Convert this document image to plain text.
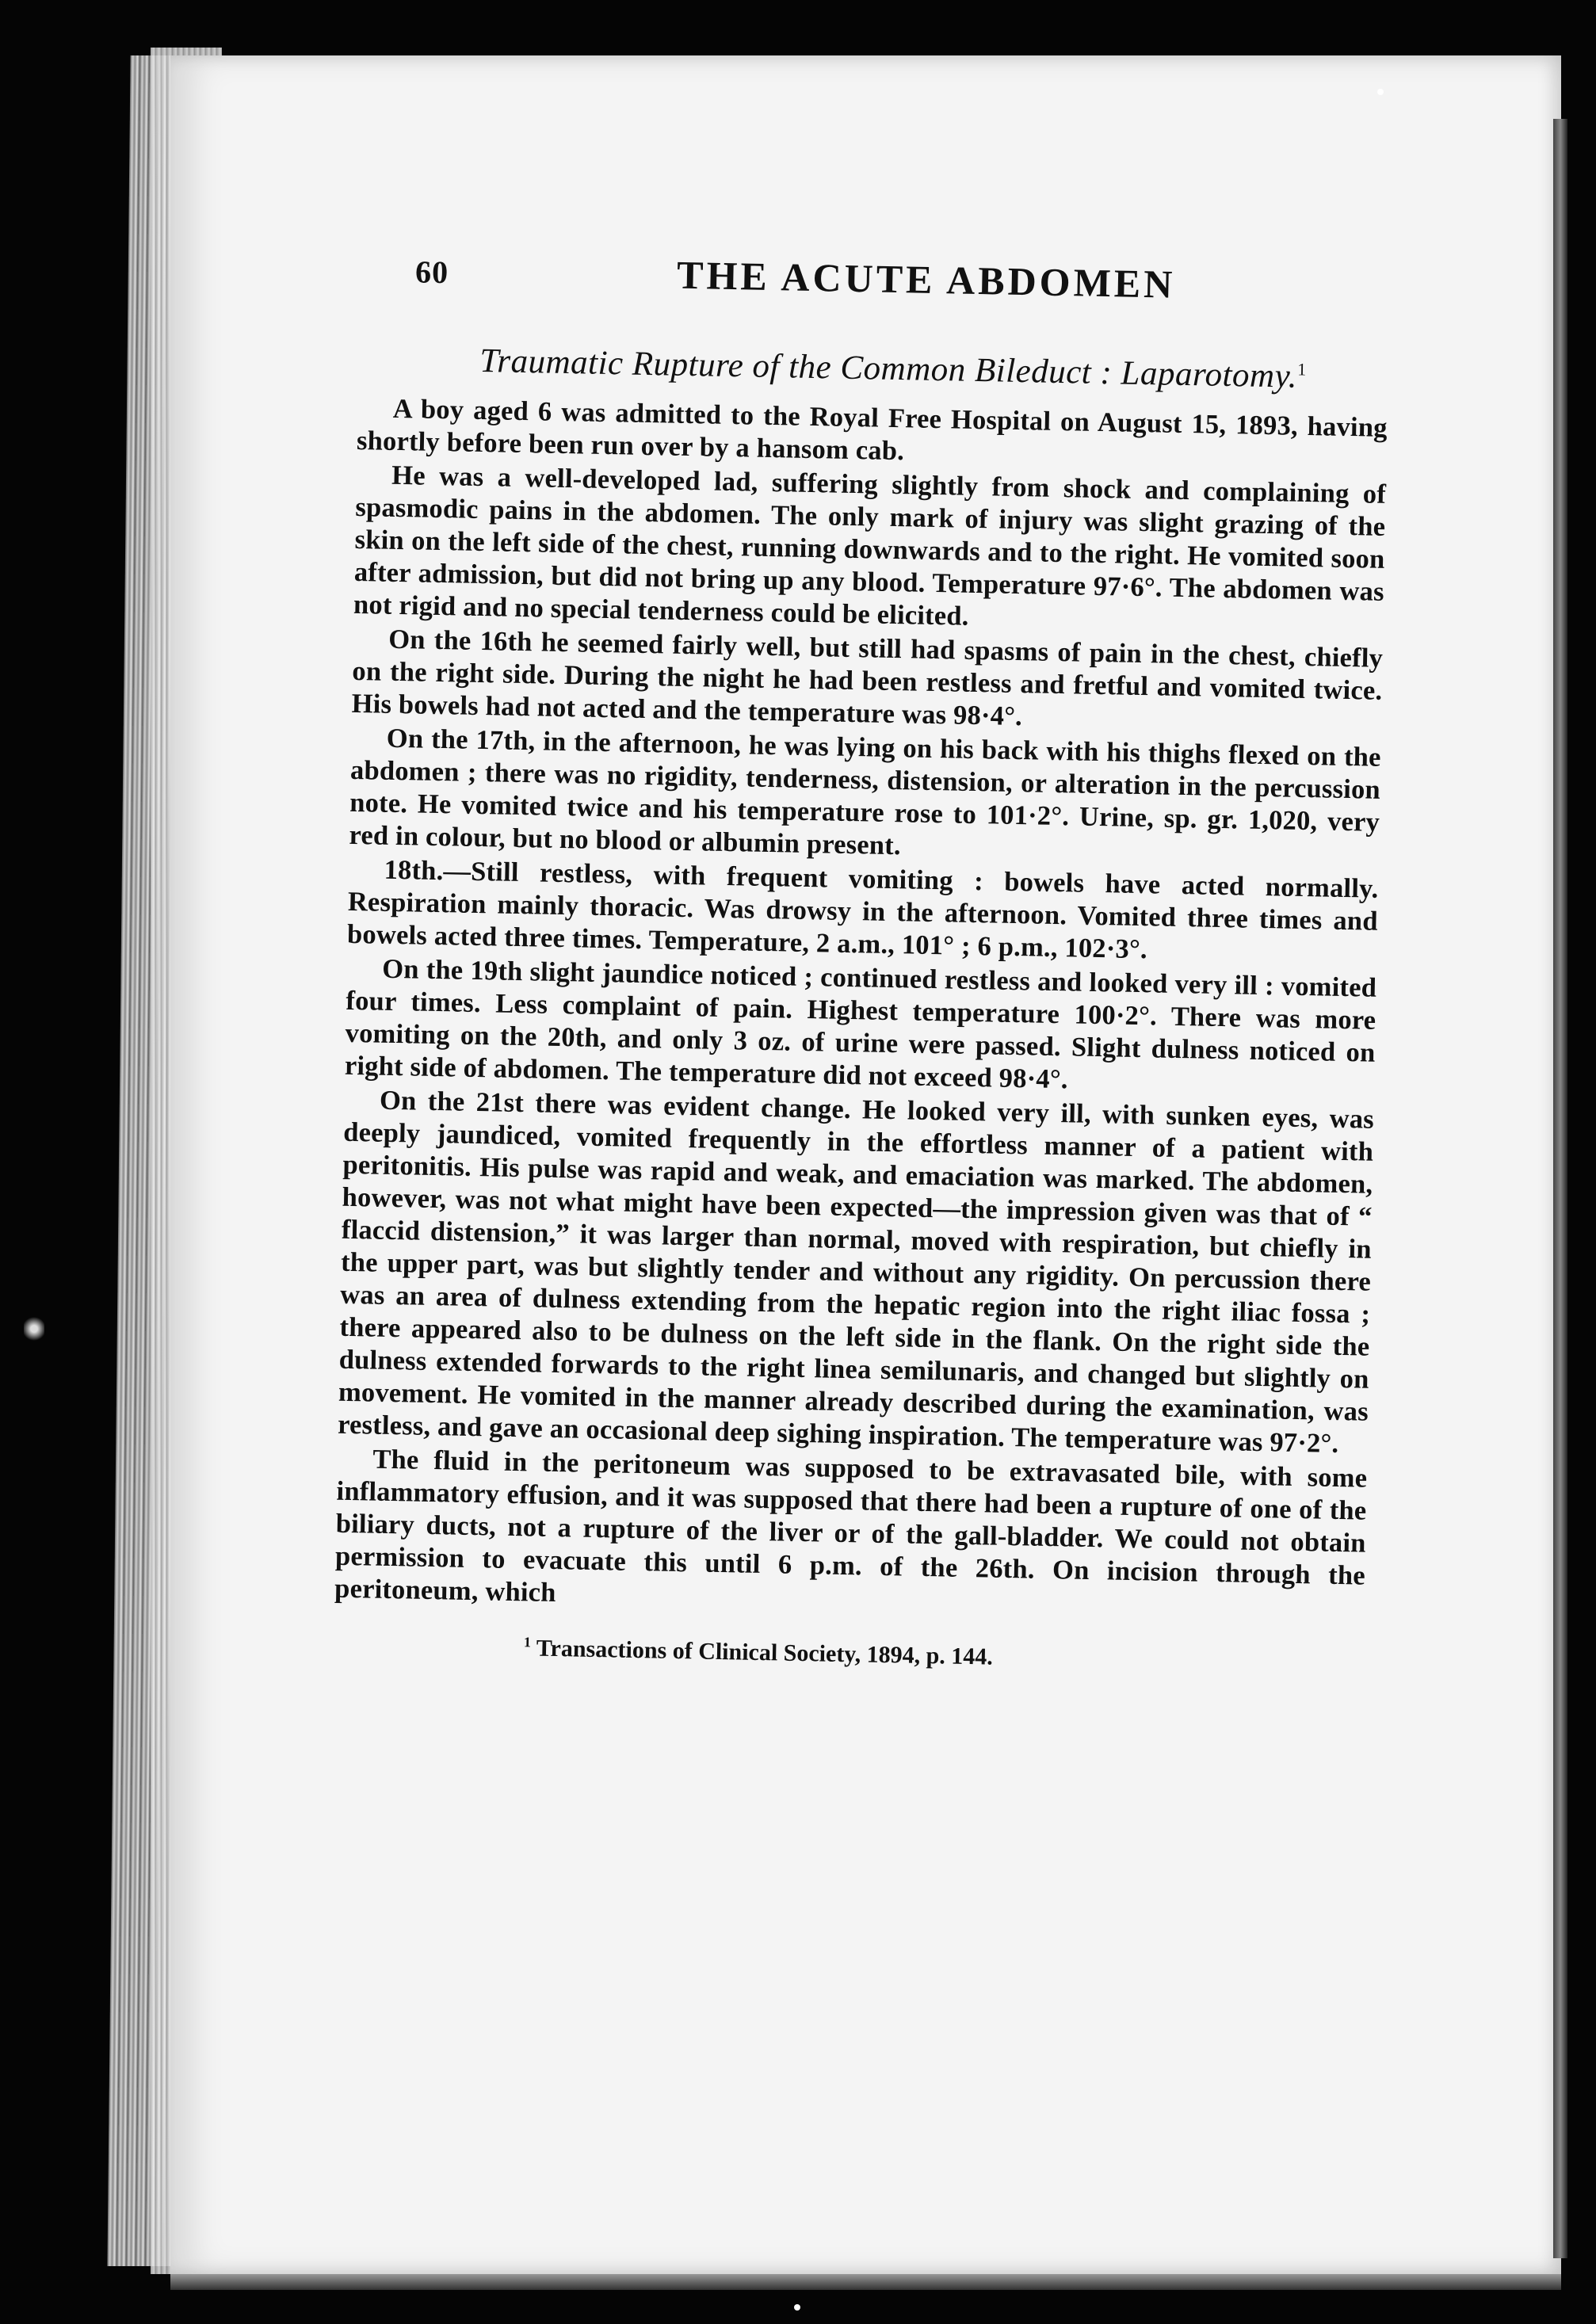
60	THE ACUTE ABDOMEN
Traumatic Rupture of the Common Bileduct : Laparotomy.$^1$

A boy aged 6 was admitted to the Royal Free Hospital on August 15, 1893, having shortly before been run over by a hansom cab.

He was a well-developed lad, suffering slightly from shock and complaining of spasmodic pains in the abdomen. The only mark of injury was slight grazing of the skin on the left side of the chest, running downwards and to the right. He vomited soon after admission, but did not bring up any blood. Temperature 97·6°. The abdomen was not rigid and no special tenderness could be elicited.

On the 16th he seemed fairly well, but still had spasms of pain in the chest, chiefly on the right side. During the night he had been restless and fretful and vomited twice. His bowels had not acted and the temperature was 98·4°.

On the 17th, in the afternoon, he was lying on his back with his thighs flexed on the abdomen ; there was no rigidity, tenderness, distension, or alteration in the percussion note. He vomited twice and his temperature rose to 101·2°. Urine, sp. gr. 1,020, very red in colour, but no blood or albumin present.

18th.—Still restless, with frequent vomiting : bowels have acted normally. Respiration mainly thoracic. Was drowsy in the afternoon. Vomited three times and bowels acted three times. Temperature, 2 a.m., 101° ; 6 p.m., 102·3°.

On the 19th slight jaundice noticed ; continued restless and looked very ill : vomited four times. Less complaint of pain. Highest temperature 100·2°. There was more vomiting on the 20th, and only 3 oz. of urine were passed. Slight dulness noticed on right side of abdomen. The temperature did not exceed 98·4°.

On the 21st there was evident change. He looked very ill, with sunken eyes, was deeply jaundiced, vomited frequently in the effortless manner of a patient with peritonitis. His pulse was rapid and weak, and emaciation was marked. The abdomen, however, was not what might have been expected—the impression given was that of “ flaccid distension,” it was larger than normal, moved with respiration, but chiefly in the upper part, was but slightly tender and without any rigidity. On percussion there was an area of dulness extending from the hepatic region into the right iliac fossa ; there appeared also to be dulness on the left side in the flank. On the right side the dulness extended forwards to the right linea semilunaris, and changed but slightly on movement. He vomited in the manner already described during the examination, was restless, and gave an occasional deep sighing inspiration. The temperature was 97·2°.

The fluid in the peritoneum was supposed to be extravasated bile, with some inflammatory effusion, and it was supposed that there had been a rupture of one of the biliary ducts, not a rupture of the liver or of the gall-bladder. We could not obtain permission to evacuate this until 6 p.m. of the 26th. On incision through the peritoneum, which

$^1$ Transactions of Clinical Society, 1894, p. 144.
